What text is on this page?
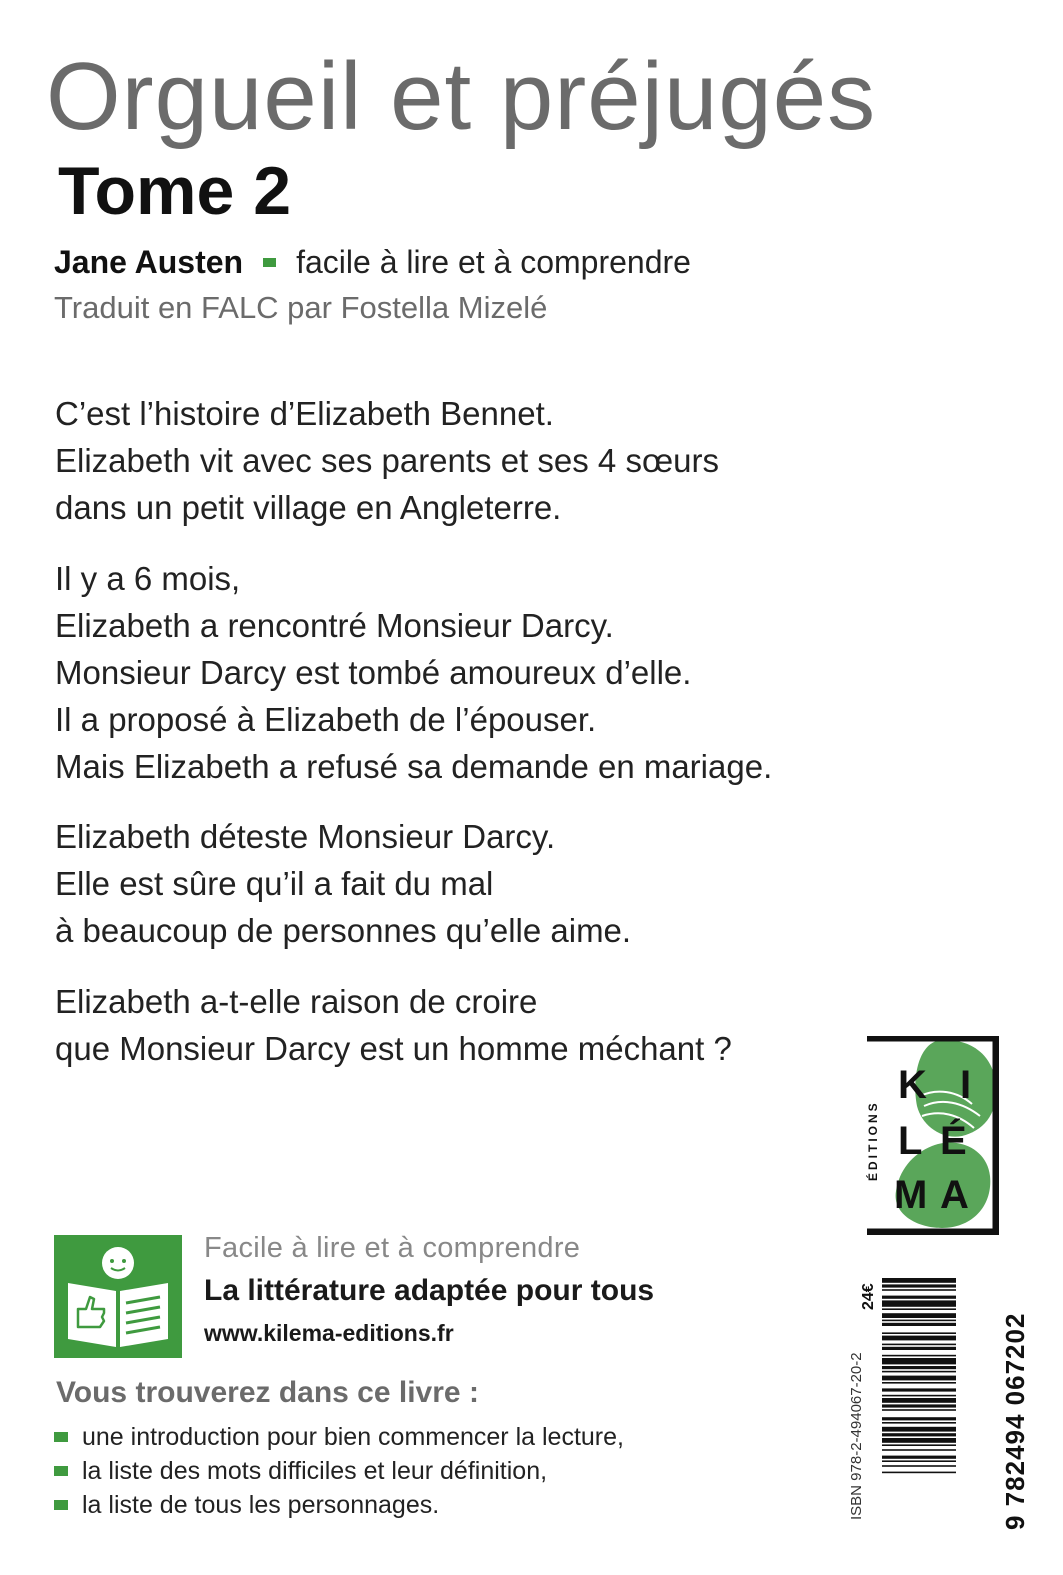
Orgueil et préjugés
Tome 2
Jane Austen facile à lire et à comprendre
Traduit en FALC par Fostella Mizelé
C’est l’histoire d’Elizabeth Bennet.
Elizabeth vit avec ses parents et ses 4 sœurs
dans un petit village en Angleterre.
Il y a 6 mois,
Elizabeth a rencontré Monsieur Darcy.
Monsieur Darcy est tombé amoureux d’elle.
Il a proposé à Elizabeth de l’épouser.
Mais Elizabeth a refusé sa demande en mariage.
Elizabeth déteste Monsieur Darcy.
Elle est sûre qu’il a fait du mal
à beaucoup de personnes qu’elle aime.
Elizabeth a-t-elle raison de croire
que Monsieur Darcy est un homme méchant ?
ÉDITIONS
K I
L É
M A
Facile à lire et à comprendre
La littérature adaptée pour tous
www.kilema-editions.fr
Vous trouverez dans ce livre :
une introduction pour bien commencer la lecture,
la liste des mots difficiles et leur définition,
la liste de tous les personnages.	ISBN 978-2-494067-20-2
24€
9 782494 067202
